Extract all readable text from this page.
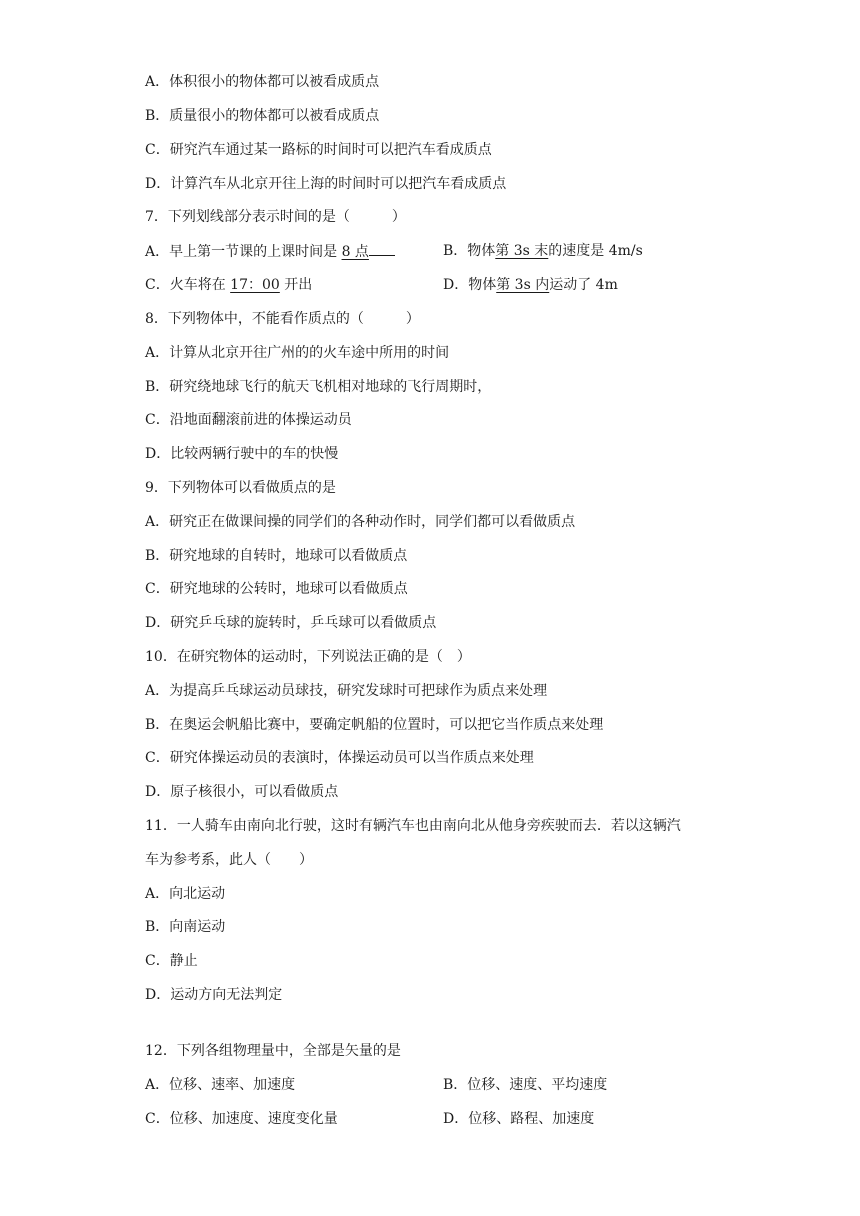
A．体积很小的物体都可以被看成质点
B．质量很小的物体都可以被看成质点
C．研究汽车通过某一路标的时间时可以把汽车看成质点
D．计算汽车从北京开往上海的时间时可以把汽车看成质点
7．下列划线部分表示时间的是（　　　）
A．早上第一节课的上课时间是 8 点	B．物体第 3s 末的速度是 4m/s
C．火车将在 17：00 开出	D．物体第 3s 内运动了 4m
8．下列物体中，不能看作质点的（　　　）
A．计算从北京开往广州的的火车途中所用的时间
B．研究绕地球飞行的航天飞机相对地球的飞行周期时，
C．沿地面翻滚前进的体操运动员
D．比较两辆行驶中的车的快慢
9．下列物体可以看做质点的是
A．研究正在做课间操的同学们的各种动作时，同学们都可以看做质点
B．研究地球的自转时，地球可以看做质点
C．研究地球的公转时，地球可以看做质点
D．研究乒乓球的旋转时，乒乓球可以看做质点
10．在研究物体的运动时，下列说法正确的是（　）
A．为提高乒乓球运动员球技，研究发球时可把球作为质点来处理
B．在奥运会帆船比赛中，要确定帆船的位置时，可以把它当作质点来处理
C．研究体操运动员的表演时，体操运动员可以当作质点来处理
D．原子核很小，可以看做质点
11．一人骑车由南向北行驶，这时有辆汽车也由南向北从他身旁疾驶而去．若以这辆汽
车为参考系，此人（　　）
A．向北运动
B．向南运动
C．静止
D．运动方向无法判定
12．下列各组物理量中，全部是矢量的是
A．位移、速率、加速度	B．位移、速度、平均速度
C．位移、加速度、速度变化量	D．位移、路程、加速度
